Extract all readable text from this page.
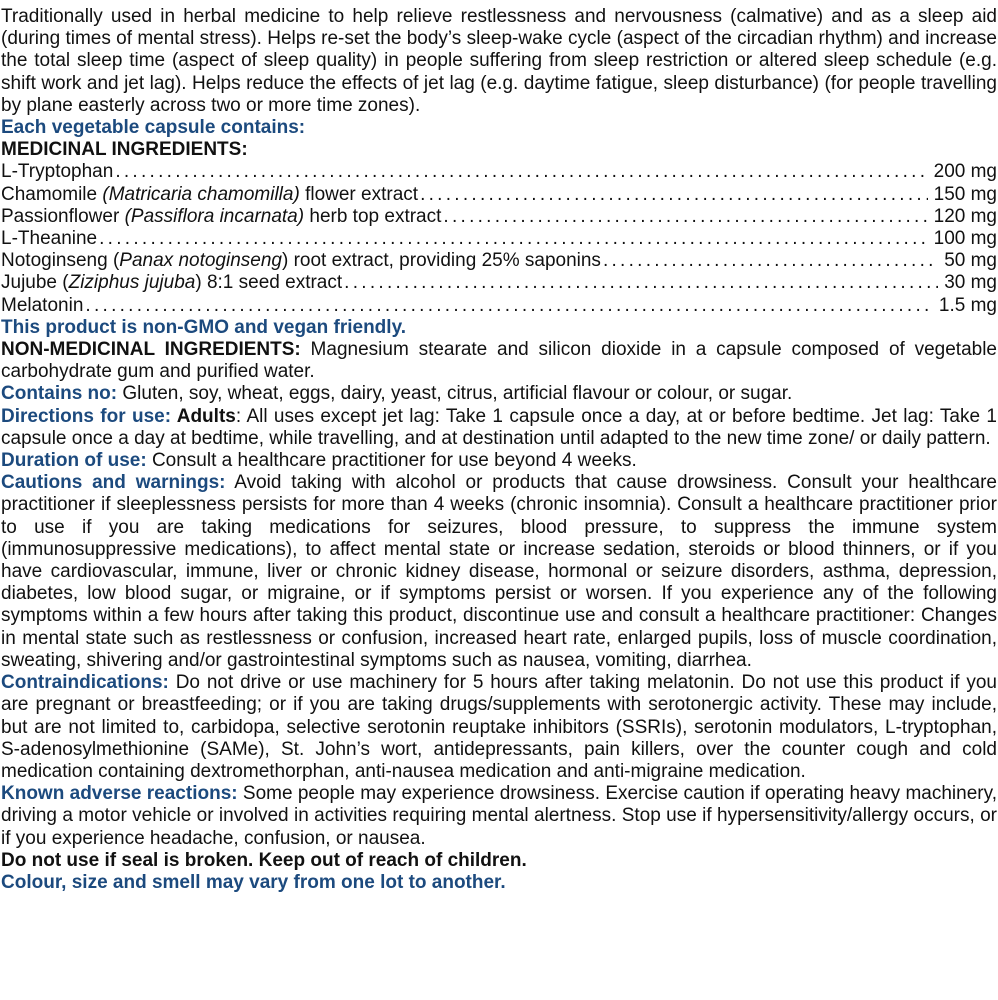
Traditionally used in herbal medicine to help relieve restlessness and nervousness (calmative) and as a sleep aid (during times of mental stress). Helps re-set the body’s sleep-wake cycle (aspect of the circadian rhythm) and increase the total sleep time (aspect of sleep quality) in people suffering from sleep restriction or altered sleep schedule (e.g. shift work and jet lag). Helps reduce the effects of jet lag (e.g. daytime fatigue, sleep disturbance) (for people travelling by plane easterly across two or more time zones).

Each vegetable capsule contains:
MEDICINAL INGREDIENTS:
L-Tryptophan . . .	200 mg
Chamomile (Matricaria chamomilla) flower extract . . .	150 mg
Passionflower (Passiflora incarnata) herb top extract . . .	120 mg
L-Theanine . . .	100 mg
Notoginseng (Panax notoginseng) root extract, providing 25% saponins . . .	50 mg
Jujube (Ziziphus jujuba) 8:1 seed extract . . .	30 mg
Melatonin . . .	1.5 mg
This product is non-GMO and vegan friendly.

NON-MEDICINAL INGREDIENTS: Magnesium stearate and silicon dioxide in a capsule composed of vegetable carbohydrate gum and purified water.

Contains no: Gluten, soy, wheat, eggs, dairy, yeast, citrus, artificial flavour or colour, or sugar.

Directions for use: Adults: All uses except jet lag: Take 1 capsule once a day, at or before bedtime. Jet lag: Take 1 capsule once a day at bedtime, while travelling, and at destination until adapted to the new time zone/ or daily pattern.

Duration of use: Consult a healthcare practitioner for use beyond 4 weeks.

Cautions and warnings: Avoid taking with alcohol or products that cause drowsiness. Consult your healthcare practitioner if sleeplessness persists for more than 4 weeks (chronic insomnia). Consult a healthcare practitioner prior to use if you are taking medications for seizures, blood pressure, to suppress the immune system (immunosuppressive medications), to affect mental state or increase sedation, steroids or blood thinners, or if you have cardiovascular, immune, liver or chronic kidney disease, hormonal or seizure disorders, asthma, depression, diabetes, low blood sugar, or migraine, or if symptoms persist or worsen. If you experience any of the following symptoms within a few hours after taking this product, discontinue use and consult a healthcare practitioner: Changes in mental state such as restlessness or confusion, increased heart rate, enlarged pupils, loss of muscle coordination, sweating, shivering and/or gastrointestinal symptoms such as nausea, vomiting, diarrhea.

Contraindications: Do not drive or use machinery for 5 hours after taking melatonin. Do not use this product if you are pregnant or breastfeeding; or if you are taking drugs/supplements with serotonergic activity. These may include, but are not limited to, carbidopa, selective serotonin reuptake inhibitors (SSRIs), serotonin modulators, L-tryptophan, S-adenosylmethionine (SAMe), St. John’s wort, antidepressants, pain killers, over the counter cough and cold medication containing dextromethorphan, anti-nausea medication and anti-migraine medication.

Known adverse reactions: Some people may experience drowsiness. Exercise caution if operating heavy machinery, driving a motor vehicle or involved in activities requiring mental alertness. Stop use if hypersensitivity/allergy occurs, or if you experience headache, confusion, or nausea.

Do not use if seal is broken. Keep out of reach of children.
Colour, size and smell may vary from one lot to another.
